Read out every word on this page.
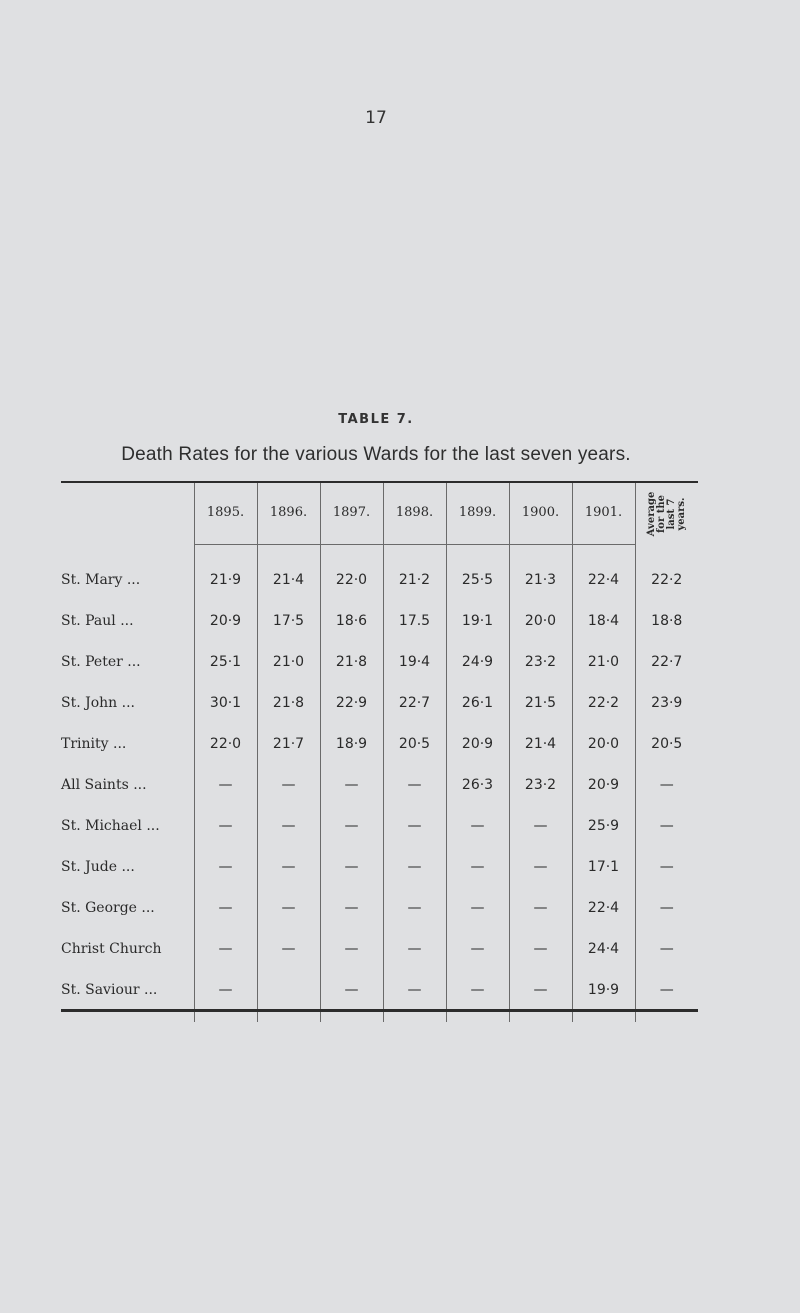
17
TABLE 7.
Death Rates for the various Wards for the last seven years.
	1895.	1896.	1897.	1898.	1899.	1900.	1901.	Average
for the
last 7
years.

St. Mary ...	21·9	21·4	22·0	21·2	25·5	21·3	22·4	22·2
St. Paul ...	20·9	17·5	18·6	17.5	19·1	20·0	18·4	18·8
St. Peter ...	25·1	21·0	21·8	19·4	24·9	23·2	21·0	22·7
St. John ...	30·1	21·8	22·9	22·7	26·1	21·5	22·2	23·9
Trinity ...	22·0	21·7	18·9	20·5	20·9	21·4	20·0	20·5
All Saints ...	—	—	—	—	26·3	23·2	20·9	—
St. Michael ...	—	—	—	—	—	—	25·9	—
St. Jude ...	—	—	—	—	—	—	17·1	—
St. George ...	—	—	—	—	—	—	22·4	—
Christ Church	—	—	—	—	—	—	24·4	—
St. Saviour ...	—		—	—	—	—	19·9	—
